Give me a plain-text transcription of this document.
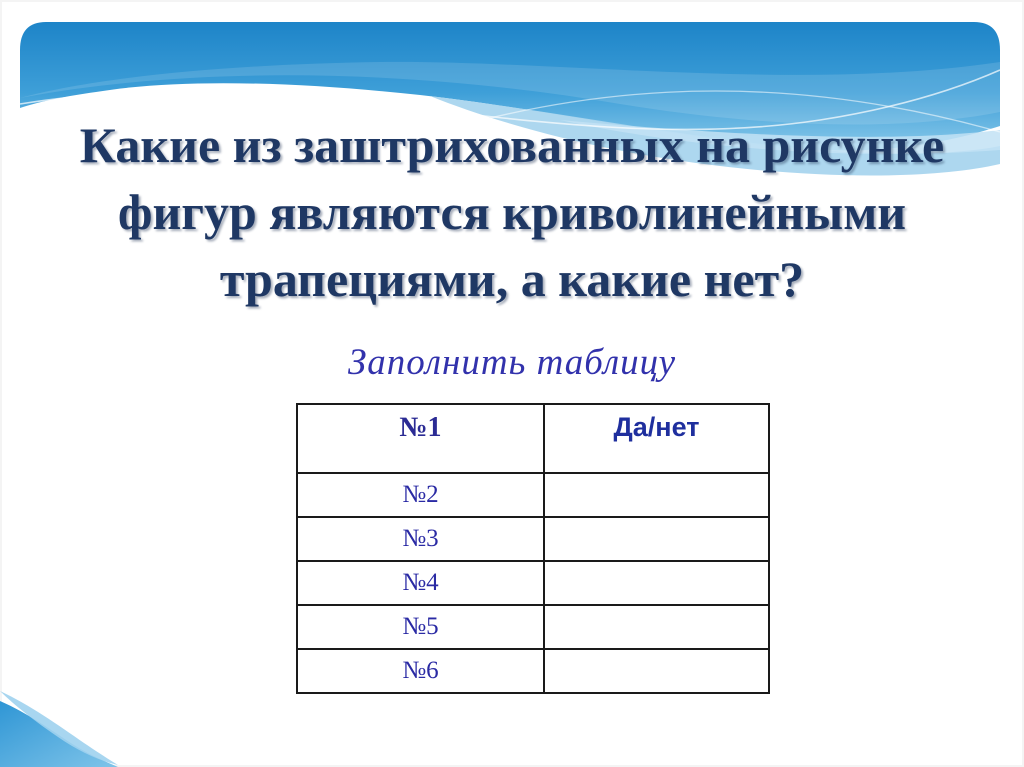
Какие из заштрихованных на рисунке
фигур являются криволинейными
трапециями, а какие нет?
Заполнить таблицу
№1	Да/нет
№2	
№3	
№4	
№5	
№6	
